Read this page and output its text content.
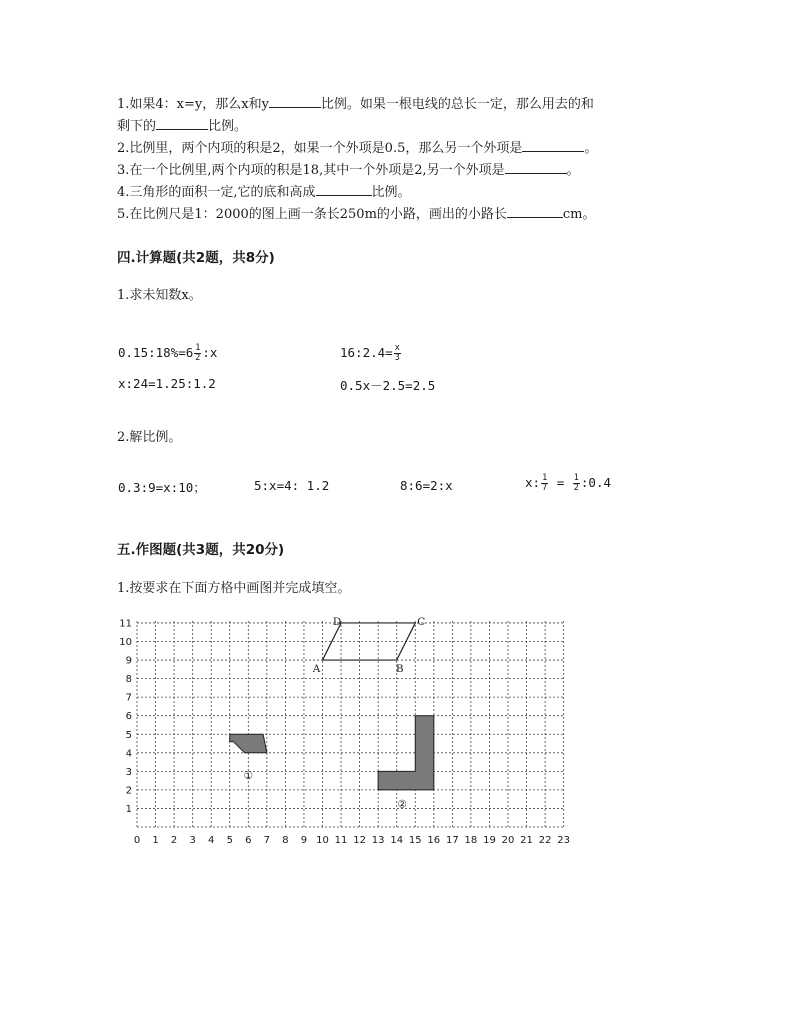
1.如果4：x=y，那么x和y	比例。如果一根电线的总长一定，那么用去的和
剩下的	比例。
2.比例里，两个内项的积是2，如果一个外项是0.5，那么另一个外项是	。
3.在一个比例里,两个内项的积是18,其中一个外项是2,另一个外项是	。
4.三角形的面积一定,它的底和高成	比例。
5.在比例尺是1：2000的图上画一条长250m的小路，画出的小路长	cm。
四.计算题(共2题，共8分)
1.求未知数x。
0.15:18%=6 $\frac{1}{2}$ :x	16:2.4= $\frac{x}{3}$
x:24=1.25:1.2	0.5x－2.5=2.5
2.解比例。
0.3:9=x:10；	5:x=4: 1.2	8:6=2:x	x: $\frac{1}{7} = \frac{1}{2}$ :0.4
五.作图题(共3题，共20分)
1.按要求在下面方格中画图并完成填空。
0 1 2 3 4 5 6 7 8 9 10 11 12 13 14 15 16 17 18 19 20 21 22 23
1
2
3
4
5
6
7
8
9
10
11
A	B
C
D
①
②
